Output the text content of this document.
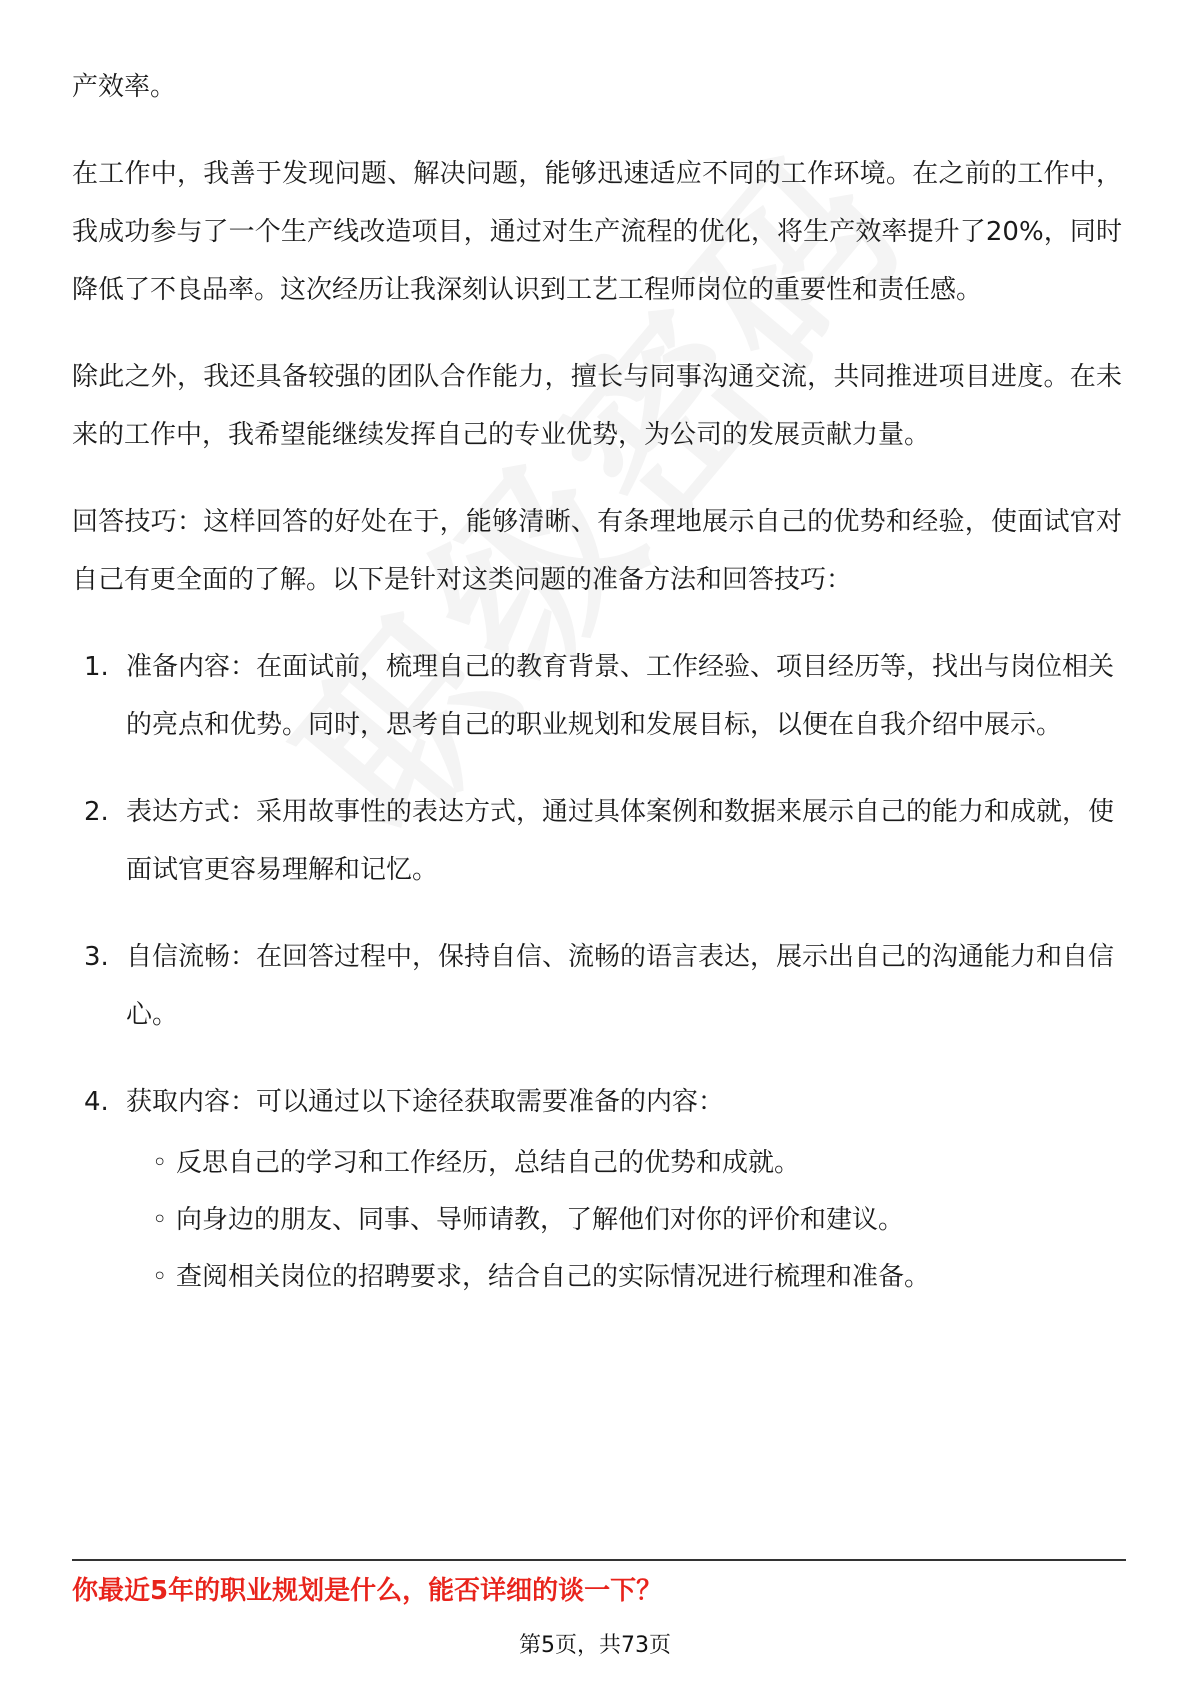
产效率。

在工作中，我善于发现问题、解决问题，能够迅速适应不同的工作环境。在之前的工作中，我成功参与了一个生产线改造项目，通过对生产流程的优化，将生产效率提升了20%，同时降低了不良品率。这次经历让我深刻认识到工艺工程师岗位的重要性和责任感。

除此之外，我还具备较强的团队合作能力，擅长与同事沟通交流，共同推进项目进度。在未来的工作中，我希望能继续发挥自己的专业优势，为公司的发展贡献力量。

回答技巧：这样回答的好处在于，能够清晰、有条理地展示自己的优势和经验，使面试官对自己有更全面的了解。以下是针对这类问题的准备方法和回答技巧：

1. 准备内容：在面试前，梳理自己的教育背景、工作经验、项目经历等，找出与岗位相关的亮点和优势。同时，思考自己的职业规划和发展目标，以便在自我介绍中展示。
2. 表达方式：采用故事性的表达方式，通过具体案例和数据来展示自己的能力和成就，使面试官更容易理解和记忆。
3. 自信流畅：在回答过程中，保持自信、流畅的语言表达，展示出自己的沟通能力和自信心。
4. 获取内容：可以通过以下途径获取需要准备的内容：
◦ 反思自己的学习和工作经历，总结自己的优势和成就。
◦ 向身边的朋友、同事、导师请教，了解他们对你的评价和建议。
◦ 查阅相关岗位的招聘要求，结合自己的实际情况进行梳理和准备。
你最近5年的职业规划是什么，能否详细的谈一下？
第5页，共73页
